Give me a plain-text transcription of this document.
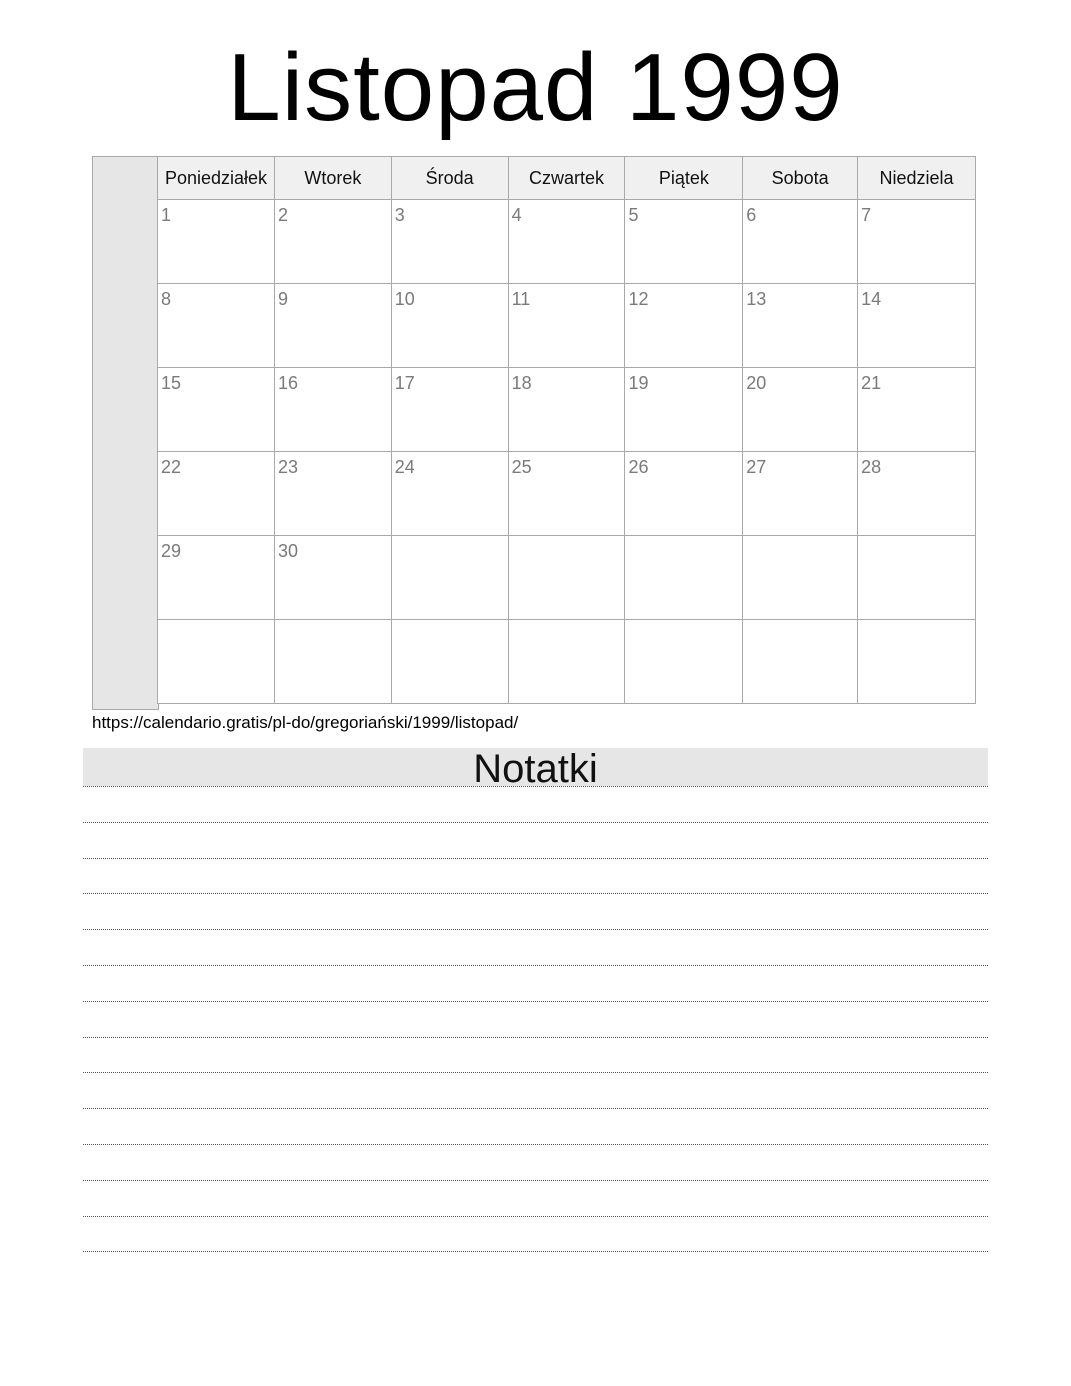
Listopad 1999
Poniedziałek	Wtorek	Środa	Czwartek	Piątek	Sobota	Niedziela

1	2	3	4	5	6	7

8	9	10	11	12	13	14

15	16	17	18	19	20	21

22	23	24	25	26	27	28

29	30					

https://calendario.gratis/pl-do/gregoriański/1999/listopad/
Notatki
